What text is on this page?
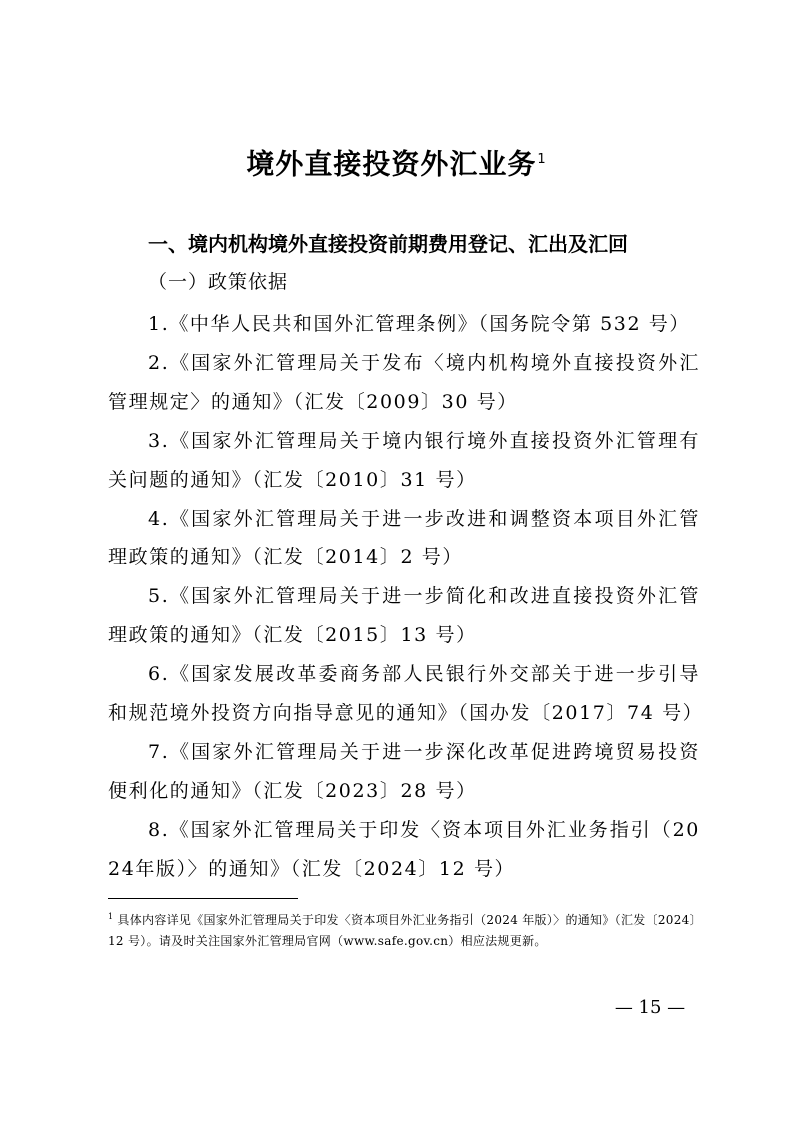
境外直接投资外汇业务$^1$
一、境内机构境外直接投资前期费用登记、汇出及汇回
（一）政策依据

1.《中华人民共和国外汇管理条例》（国务院令第 532 号）

2.《国家外汇管理局关于发布〈境内机构境外直接投资外汇管理规定〉的通知》（汇发〔2009〕30 号）

3.《国家外汇管理局关于境内银行境外直接投资外汇管理有关问题的通知》（汇发〔2010〕31 号）

4.《国家外汇管理局关于进一步改进和调整资本项目外汇管理政策的通知》（汇发〔2014〕2 号）

5.《国家外汇管理局关于进一步简化和改进直接投资外汇管理政策的通知》（汇发〔2015〕13 号）

6.《国家发展改革委商务部人民银行外交部关于进一步引导和规范境外投资方向指导意见的通知》（国办发〔2017〕74 号）

7.《国家外汇管理局关于进一步深化改革促进跨境贸易投资便利化的通知》（汇发〔2023〕28 号）

8.《国家外汇管理局关于印发〈资本项目外汇业务指引（2024年版）〉的通知》（汇发〔2024〕12 号）

$^1$ 具体内容详见《国家外汇管理局关于印发〈资本项目外汇业务指引（2024 年版）〉的通知》（汇发〔2024〕12 号）。请及时关注国家外汇管理局官网（www.safe.gov.cn）相应法规更新。
— 15 —
